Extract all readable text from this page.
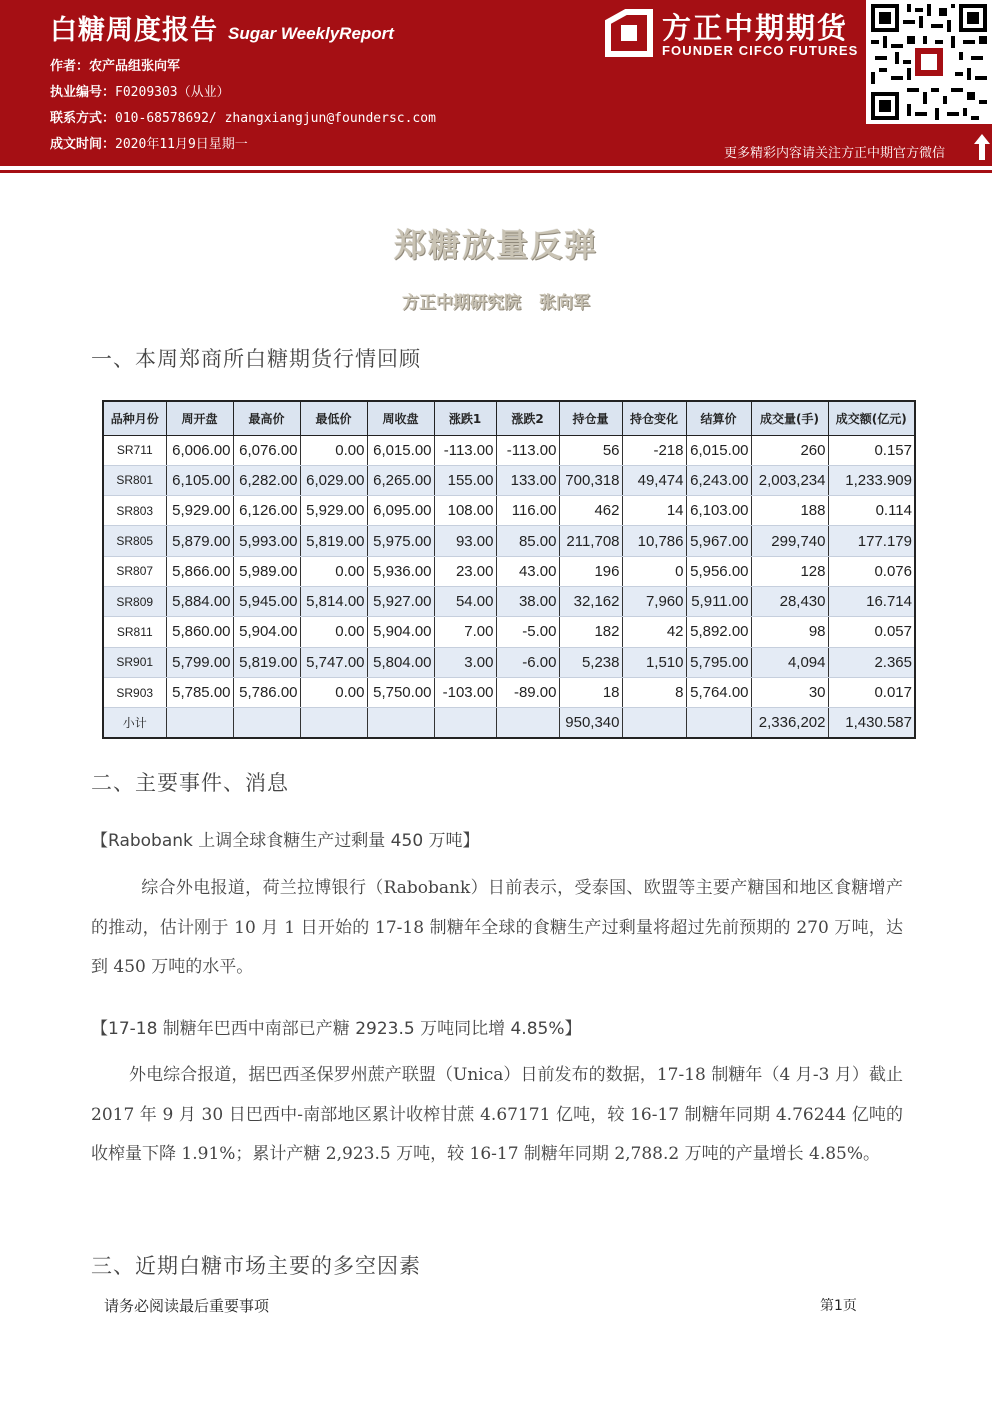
白糖周度报告 Sugar WeeklyReport
作者：农产品组张向军
执业编号：F0209303（从业）
联系方式：010-68578692/ zhangxiangjun@foundersc.com
成文时间：2020年11月9日星期一
方正中期期货
FOUNDER CIFCO FUTURES
更多精彩内容请关注方正中期官方微信
郑糖放量反弹
方正中期研究院 张向军
一、本周郑商所白糖期货行情回顾
品种月份	周开盘	最高价	最低价	周收盘	涨跌1	涨跌2	持仓量	持仓变化	结算价	成交量(手)	成交额(亿元)
SR711	6,006.00	6,076.00	0.00	6,015.00	-113.00	-113.00	56	-218	6,015.00	260	0.157
SR801	6,105.00	6,282.00	6,029.00	6,265.00	155.00	133.00	700,318	49,474	6,243.00	2,003,234	1,233.909
SR803	5,929.00	6,126.00	5,929.00	6,095.00	108.00	116.00	462	14	6,103.00	188	0.114
SR805	5,879.00	5,993.00	5,819.00	5,975.00	93.00	85.00	211,708	10,786	5,967.00	299,740	177.179
SR807	5,866.00	5,989.00	0.00	5,936.00	23.00	43.00	196	0	5,956.00	128	0.076
SR809	5,884.00	5,945.00	5,814.00	5,927.00	54.00	38.00	32,162	7,960	5,911.00	28,430	16.714
SR811	5,860.00	5,904.00	0.00	5,904.00	7.00	-5.00	182	42	5,892.00	98	0.057
SR901	5,799.00	5,819.00	5,747.00	5,804.00	3.00	-6.00	5,238	1,510	5,795.00	4,094	2.365
SR903	5,785.00	5,786.00	0.00	5,750.00	-103.00	-89.00	18	8	5,764.00	30	0.017
小计							950,340			2,336,202	1,430.587
二、主要事件、消息
【Rabobank 上调全球食糖生产过剩量 450 万吨】
综合外电报道，荷兰拉博银行（Rabobank）日前表示，受泰国、欧盟等主要产糖国和地区食糖增产的推动，估计刚于 10 月 1 日开始的 17-18 制糖年全球的食糖生产过剩量将超过先前预期的 270 万吨，达到 450 万吨的水平。
【17-18 制糖年巴西中南部已产糖 2923.5 万吨同比增 4.85%】
外电综合报道，据巴西圣保罗州蔗产联盟（Unica）日前发布的数据，17-18 制糖年（4 月-3 月）截止 2017 年 9 月 30 日巴西中-南部地区累计收榨甘蔗 4.67171 亿吨，较 16-17 制糖年同期 4.76244 亿吨的收榨量下降 1.91%；累计产糖 2,923.5 万吨，较 16-17 制糖年同期 2,788.2 万吨的产量增长 4.85%。
三、近期白糖市场主要的多空因素
请务必阅读最后重要事项	第1页
